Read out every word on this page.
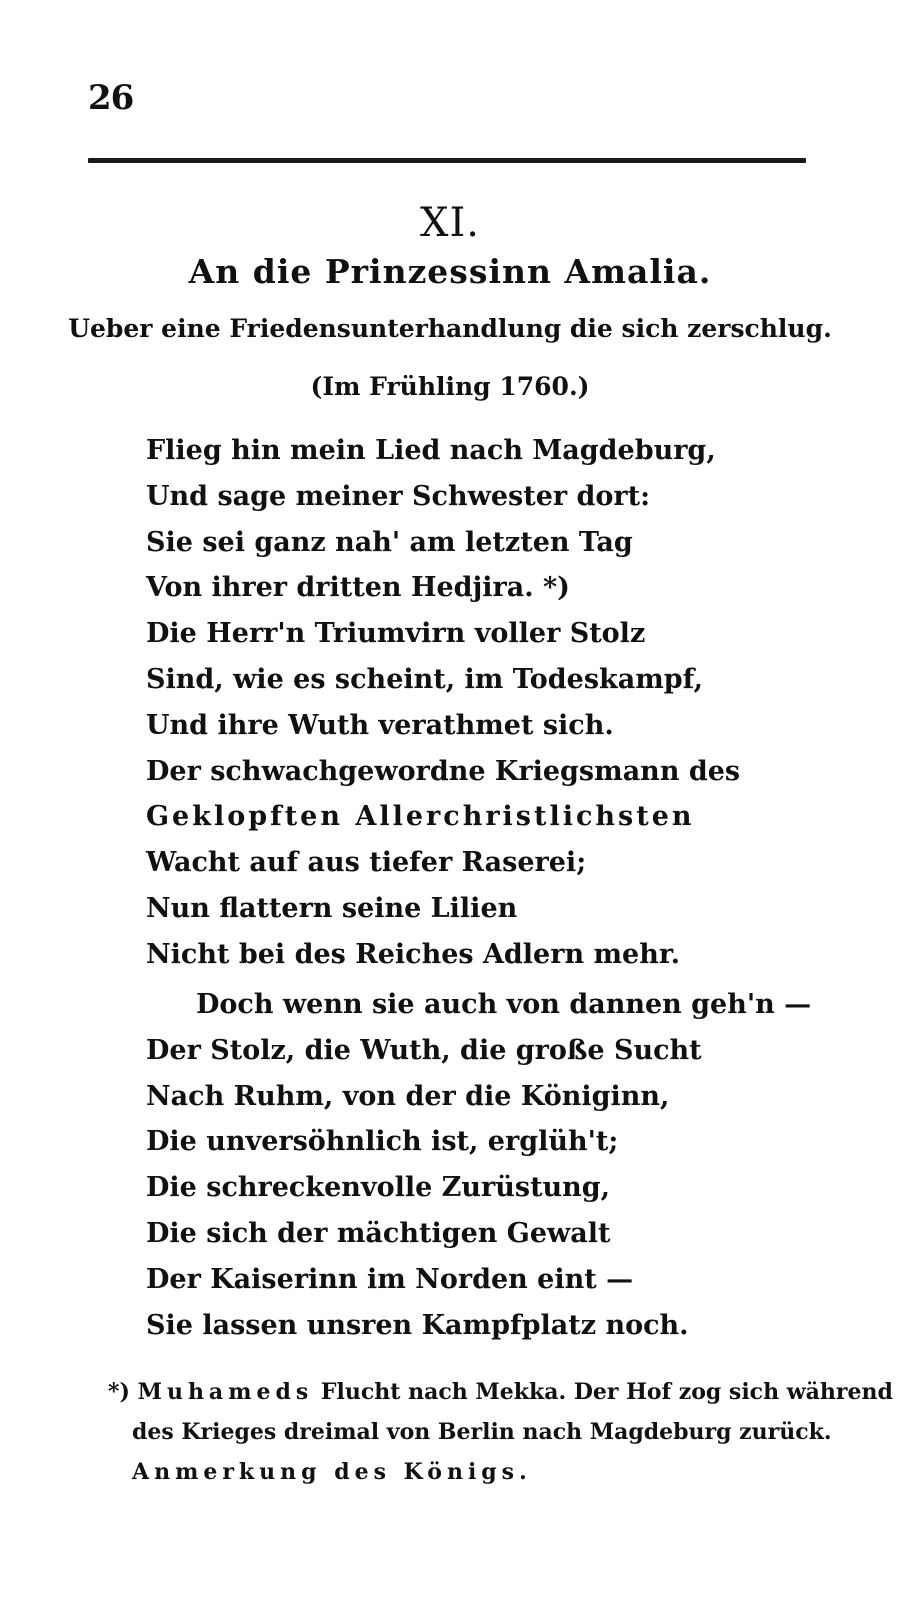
26
XI.
An die Prinzessinn Amalia.
Ueber eine Friedensunterhandlung die sich zerschlug.
(Im Frühling 1760.)
Flieg hin mein Lied nach Magdeburg,
Und sage meiner Schwester dort:
Sie sei ganz nah' am letzten Tag
Von ihrer dritten Hedjira. *)
Die Herr'n Triumvirn voller Stolz
Sind, wie es scheint, im Todeskampf,
Und ihre Wuth verathmet sich.
Der schwachgewordne Kriegsmann des
Geklopften Allerchristlichsten
Wacht auf aus tiefer Raserei;
Nun flattern seine Lilien
Nicht bei des Reiches Adlern mehr.
Doch wenn sie auch von dannen geh'n —
Der Stolz, die Wuth, die große Sucht
Nach Ruhm, von der die Königinn,
Die unversöhnlich ist, erglüh't;
Die schreckenvolle Zurüstung,
Die sich der mächtigen Gewalt
Der Kaiserinn im Norden eint —
Sie lassen unsren Kampfplatz noch.
*) Muhameds Flucht nach Mekka. Der Hof zog sich während
des Krieges dreimal von Berlin nach Magdeburg zurück.
Anmerkung des Königs.
